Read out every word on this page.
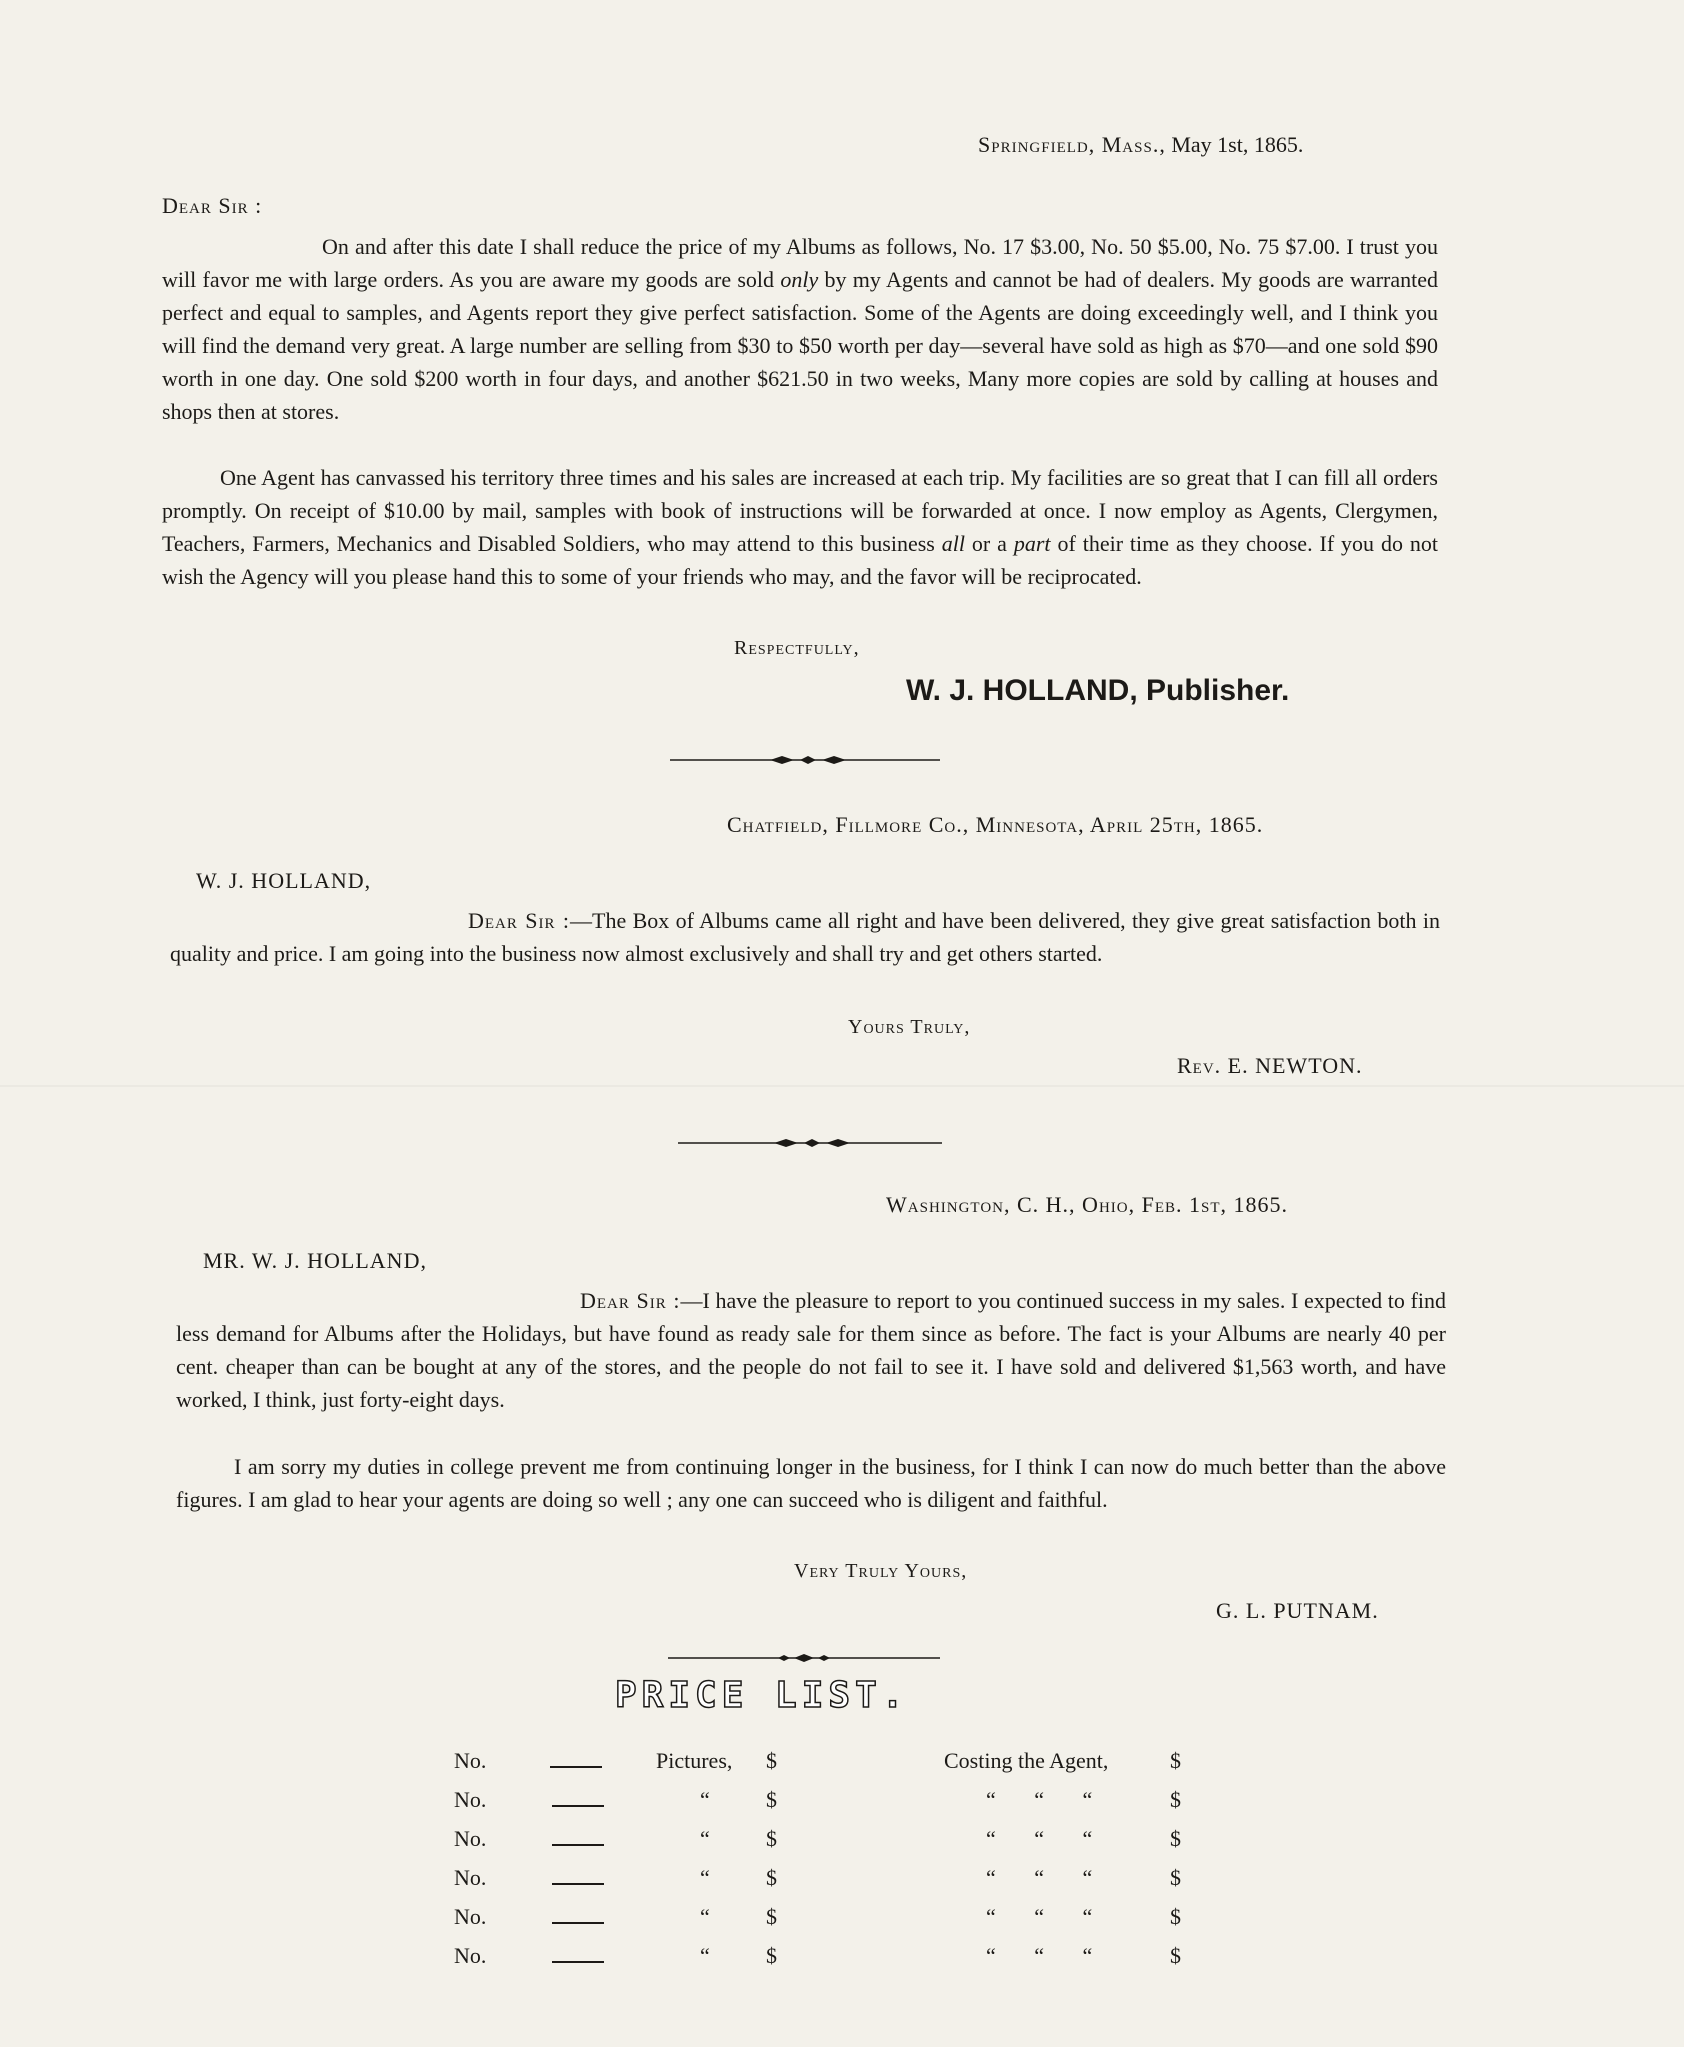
Springfield, Mass., May 1st, 1865.
Dear Sir :
On and after this date I shall reduce the price of my Albums as follows, No. 17 $3.00, No. 50 $5.00, No. 75 $7.00. I trust you will favor me with large orders. As you are aware my goods are sold only by my Agents and cannot be had of dealers. My goods are warranted perfect and equal to samples, and Agents report they give perfect satisfaction. Some of the Agents are doing exceedingly well, and I think you will find the demand very great. A large number are selling from $30 to $50 worth per day—several have sold as high as $70—and one sold $90 worth in one day. One sold $200 worth in four days, and another $621.50 in two weeks, Many more copies are sold by calling at houses and shops then at stores.
One Agent has canvassed his territory three times and his sales are increased at each trip. My facilities are so great that I can fill all orders promptly. On receipt of $10.00 by mail, samples with book of instructions will be forwarded at once. I now employ as Agents, Clergymen, Teachers, Farmers, Mechanics and Disabled Soldiers, who may attend to this business all or a part of their time as they choose. If you do not wish the Agency will you please hand this to some of your friends who may, and the favor will be reciprocated.
Respectfully,
W. J. HOLLAND, Publisher.
Chatfield, Fillmore Co., Minnesota, April 25th, 1865.
W. J. HOLLAND,
Dear Sir :—The Box of Albums came all right and have been delivered, they give great satisfaction both in quality and price. I am going into the business now almost exclusively and shall try and get others started.
Yours Truly,
Rev. E. NEWTON.
Washington, C. H., Ohio, Feb. 1st, 1865.
MR. W. J. HOLLAND,
Dear Sir :—I have the pleasure to report to you continued success in my sales. I expected to find less demand for Albums after the Holidays, but have found as ready sale for them since as before. The fact is your Albums are nearly 40 per cent. cheaper than can be bought at any of the stores, and the people do not fail to see it. I have sold and delivered $1,563 worth, and have worked, I think, just forty-eight days.
I am sorry my duties in college prevent me from continuing longer in the business, for I think I can now do much better than the above figures. I am glad to hear your agents are doing so well ; any one can succeed who is diligent and faithful.
Very Truly Yours,
G. L. PUTNAM.
PRICE LIST.
No.	Pictures, $	Costing the Agent,	$
No.	“	$	“       “       “	$
No.	“	$	“       “       “	$
No.	“	$	“       “       “	$
No.	“	$	“       “       “	$
No.	“	$	“       “       “	$
